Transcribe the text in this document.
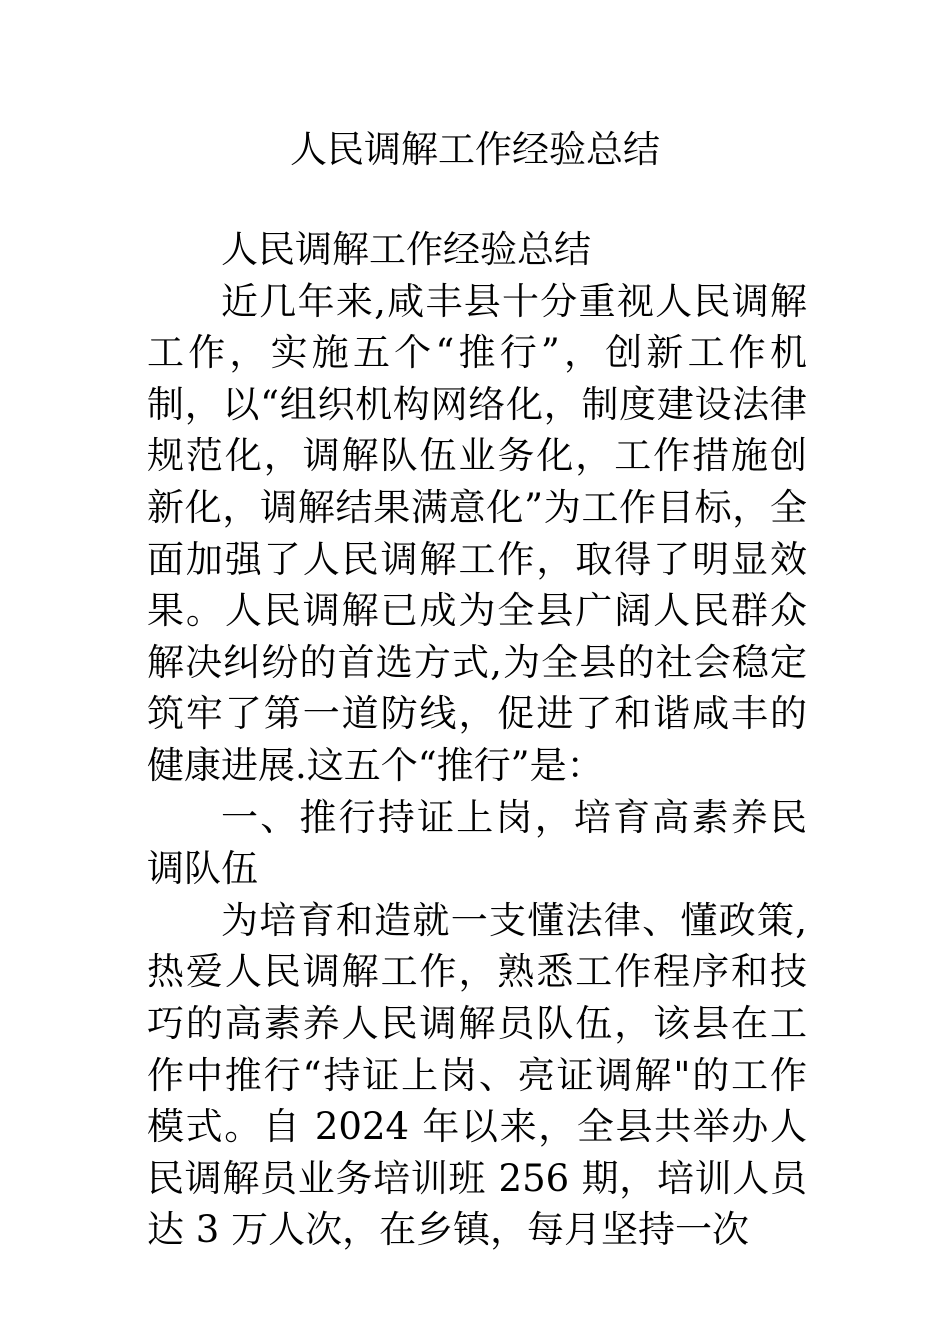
人民调解工作经验总结

人民调解工作经验总结

近几年来,咸丰县十分重视人民调解工作，实施五个“推行”，创新工作机制，以“组织机构网络化，制度建设法律规范化，调解队伍业务化，工作措施创新化，调解结果满意化”为工作目标，全面加强了人民调解工作，取得了明显效果。人民调解已成为全县广阔人民群众解决纠纷的首选方式,为全县的社会稳定筑牢了第一道防线，促进了和谐咸丰的健康进展.这五个“推行”是：

一、推行持证上岗，培育高素养民调队伍

为培育和造就一支懂法律、懂政策,热爱人民调解工作，熟悉工作程序和技巧的高素养人民调解员队伍，该县在工作中推行“持证上岗、亮证调解"的工作模式。自 2024 年以来，全县共举办人民调解员业务培训班 256 期，培训人员达 3 万人次，在乡镇，每月坚持一次
